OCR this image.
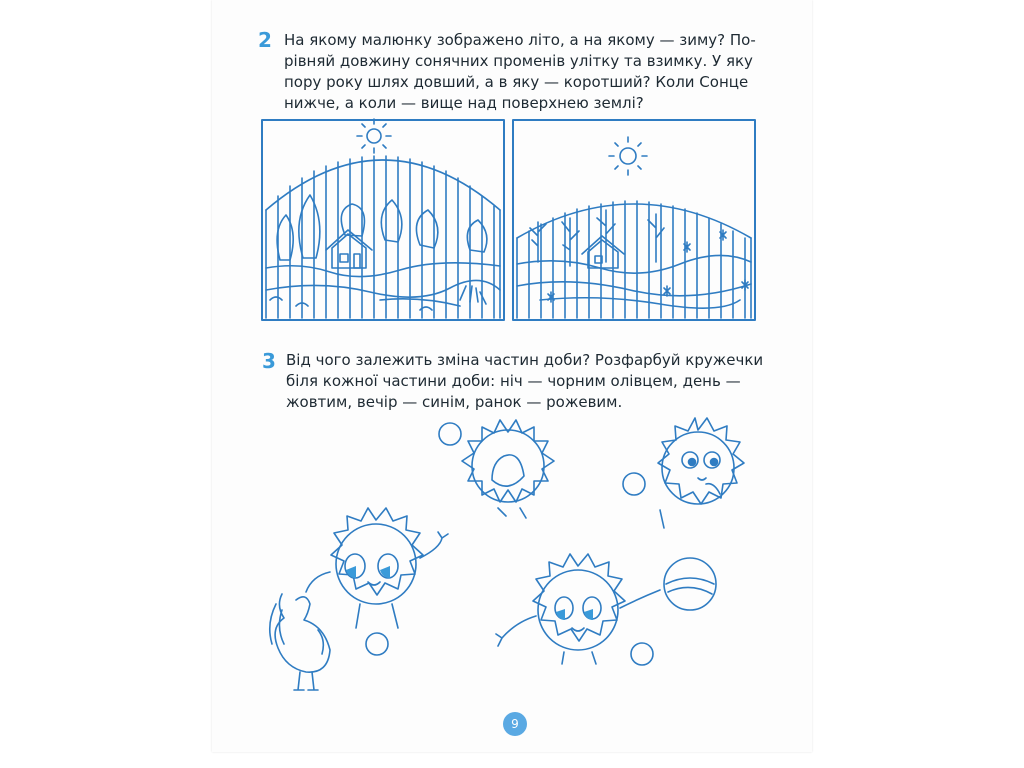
2 На якому малюнку зображено літо, а на якому — зиму? По-
рівняй довжину сонячних променів улітку та взимку. У яку
пору року шлях довший, а в яку — коротший? Коли Сонце
нижче, а коли — вище над поверхнею землі?
3 Від чого залежить зміна частин доби? Розфарбуй кружечки
біля кожної частини доби: ніч — чорним олівцем, день —
жовтим, вечір — синім, ранок — рожевим.
9
